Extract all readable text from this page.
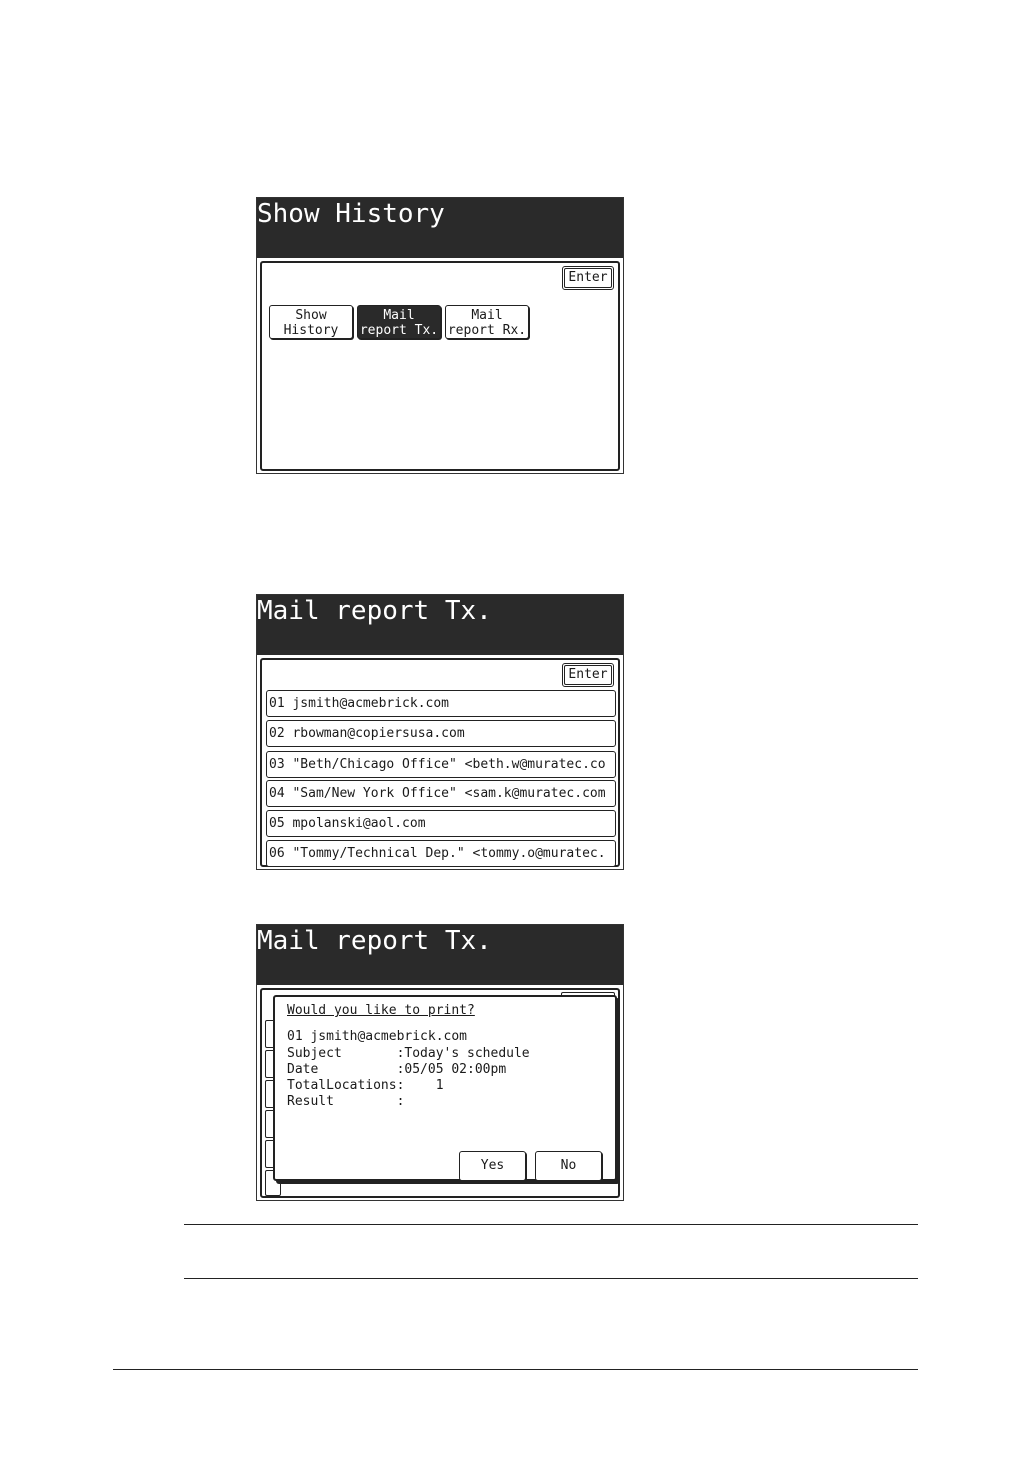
Show History
Enter
Show
History
Mail
report Tx.
Mail
report Rx.
Mail report Tx.
Enter
01 jsmith@acmebrick.com
02 rbowman@copiersusa.com
03 "Beth/Chicago Office" <beth.w@muratec.co
04 "Sam/New York Office" <sam.k@muratec.com
05 mpolanski@aol.com
06 "Tommy/Technical Dep." <tommy.o@muratec.
Mail report Tx.
Would you like to print?
01 jsmith@acmebrick.com
Subject       :Today's schedule
Date          :05/05 02:00pm
TotalLocations:    1
Result        :
Yes	No
